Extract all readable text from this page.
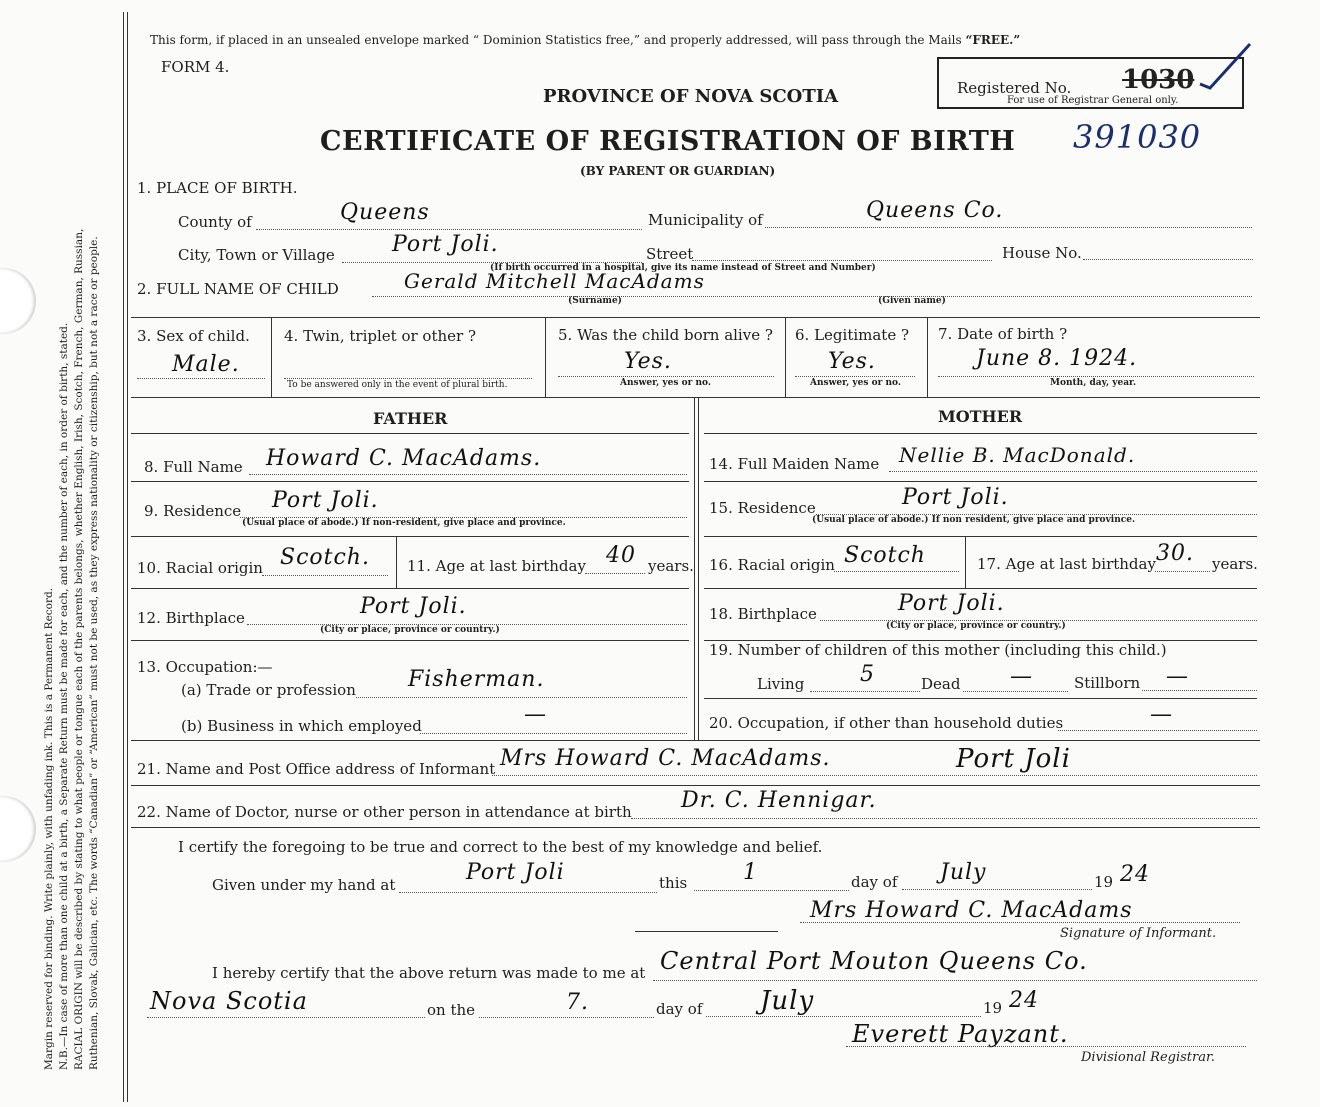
Margin reserved for binding. Write plainly, with unfading ink. This is a Permanent Record. N.B.—In case of more than one child at a birth, a Separate Return must be made for each, and the number of each, in order of birth, stated. RACIAL ORIGIN will be described by stating to what people or tongue each of the parents belongs, whether English, Irish, Scotch, French, German, Russian, Ruthenian, Slovak, Galician, etc. The words “Canadian” or “American” must not be used, as they express nationality or citizenship, but not a race or people.
This form, if placed in an unsealed envelope marked “ Dominion Statistics free,” and properly addressed, will pass through the Mails “FREE.”
FORM 4.
Registered No. 1030
For use of Registrar General only.
PROVINCE OF NOVA SCOTIA
CERTIFICATE OF REGISTRATION OF BIRTH 391030
(BY PARENT OR GUARDIAN)
1. PLACE OF BIRTH.
County of	Queens	Municipality of	Queens Co.
City, Town or Village	Port Joli.	Street	House No.
(If birth occurred in a hospital, give its name instead of Street and Number)
2. FULL NAME OF CHILD	Gerald Mitchell MacAdams
(Surname)	(Given name)
3. Sex of child.
Male.
4. Twin, triplet or other ?
To be answered only in the event of plural birth.
5. Was the child born alive ?
Yes.
Answer, yes or no.
6. Legitimate ?
Yes.
Answer, yes or no.
7. Date of birth ?
June 8. 1924.
Month, day, year.
FATHER	MOTHER
8. Full Name Howard C. MacAdams.	14. Full Maiden Name Nellie B. MacDonald.
9. Residence Port Joli.
(Usual place of abode.) If non-resident, give place and province.
15. Residence	Port Joli.
(Usual place of abode.) If non resident, give place and province.
10. Racial origin Scotch. 11. Age at last birthday 40 years. 16. Racial origin Scotch	17. Age at last birthday 30. years.
12. Birthplace	Port Joli.
(City or place, province or country.)
18. Birthplace	Port Joli.
(City or place, province or country.)
13. Occupation:—
(a) Trade or profession Fisherman.
(b) Business in which employed	—
19. Number of children of this mother (including this child.)
Living	5	Dead —	Stillborn —
20. Occupation, if other than household duties	—
21. Name and Post Office address of Informant Mrs Howard C. MacAdams.	Port Joli
22. Name of Doctor, nurse or other person in attendance at birth Dr. C. Hennigar.
I certify the foregoing to be true and correct to the best of my knowledge and belief.
Given under my hand at	Port Joli	this	1	day of July	19 24
Mrs Howard C. MacAdams
Signature of Informant.
I hereby certify that the above return was made to me at Central Port Mouton Queens Co.
Nova Scotia	on the	7.	day of July	19 24
Everett Payzant.
Divisional Registrar.
